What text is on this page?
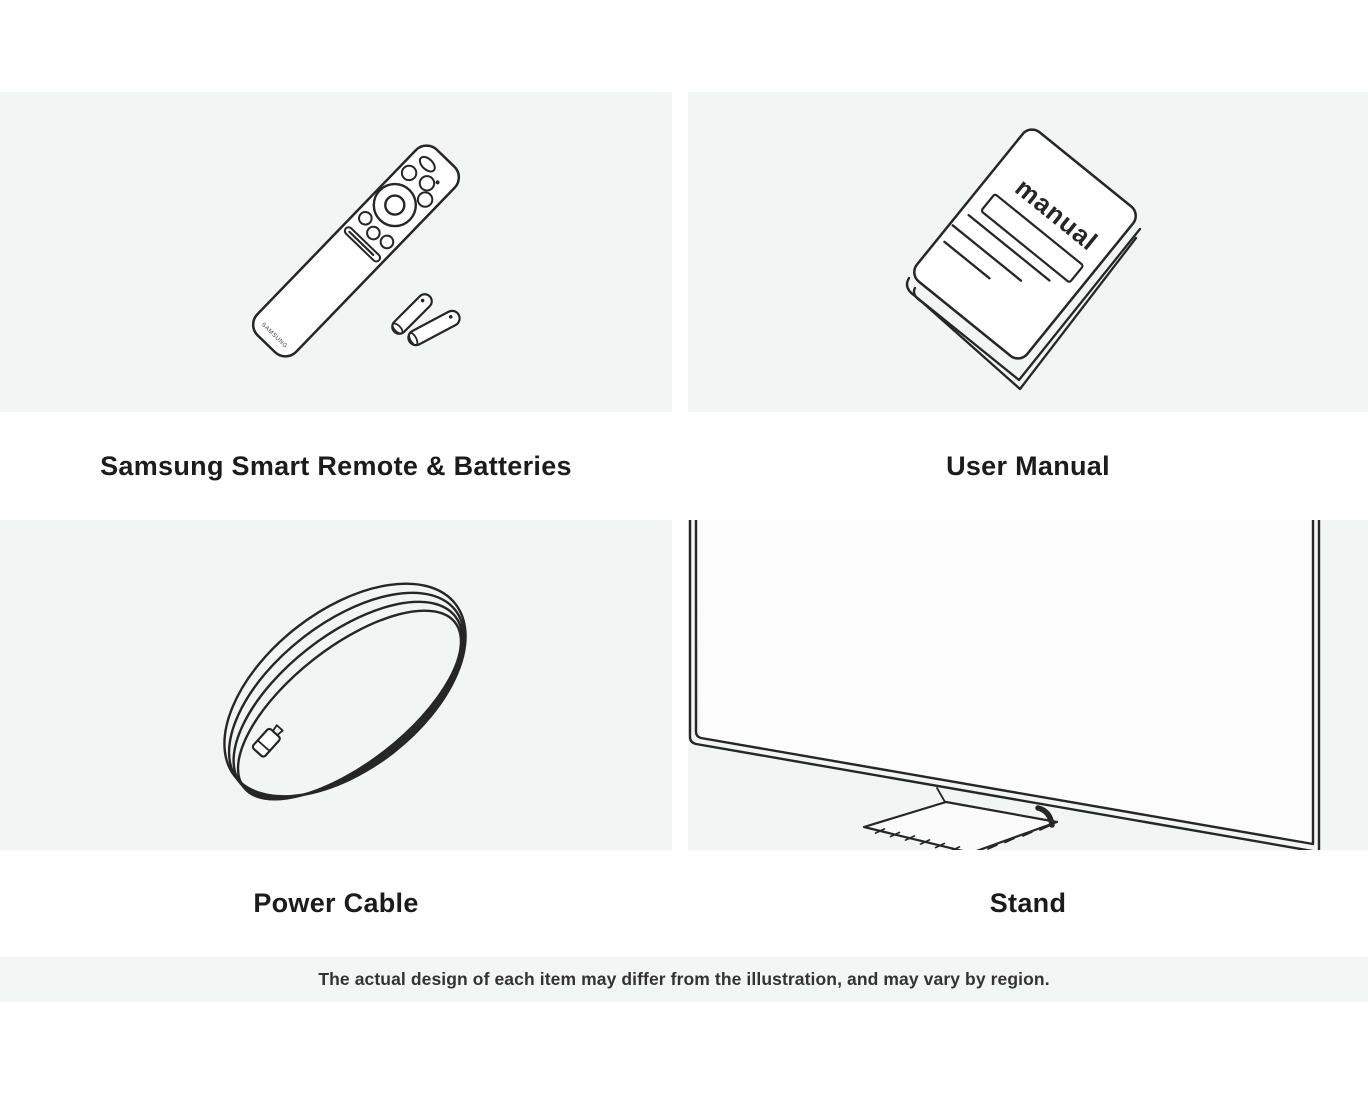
SAMSUNG
manual
Samsung Smart Remote & Batteries	User Manual
Power Cable	Stand
The actual design of each item may differ from the illustration, and may vary by region.
